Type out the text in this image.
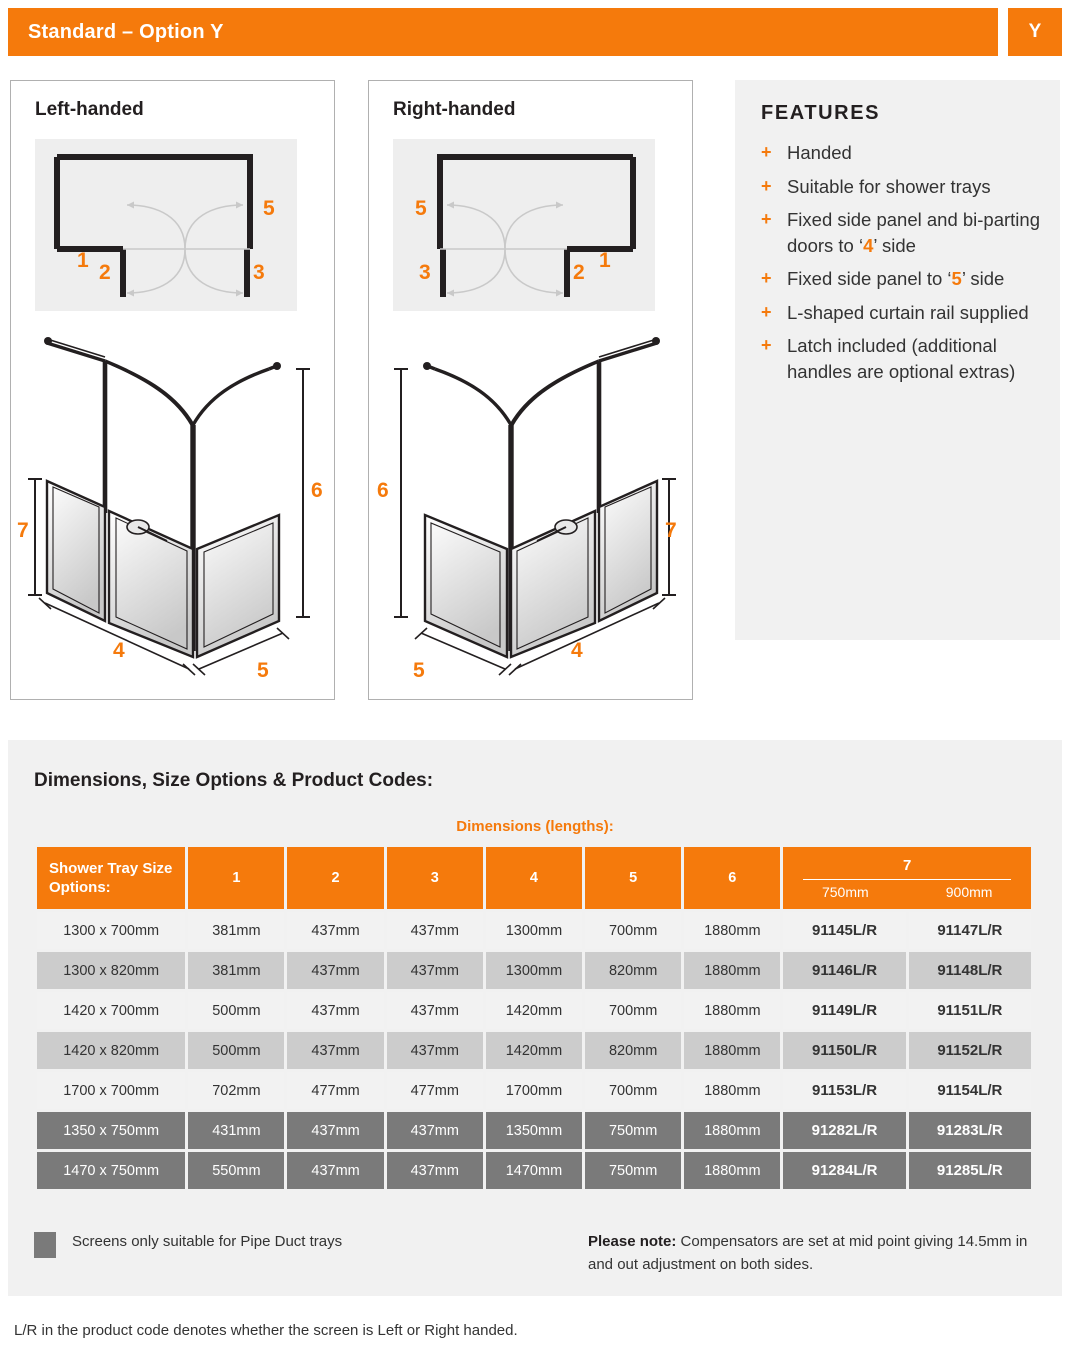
Standard – Option Y	Y
Left-handed
1
2	3
5
4
5
6
7
Right-handed
5
3	2
1
6
5
4
7
FEATURES
+ Handed
+ Suitable for shower trays
+ Fixed side panel and bi-parting doors to ‘4’ side
+ Fixed side panel to ‘5’ side
+ L-shaped curtain rail supplied
+ Latch included (additional handles are optional extras)
Dimensions, Size Options & Product Codes:
Dimensions (lengths):
Shower Tray Size Options:	1	2	3	4	5	6	7
750mm 900mm	

1300 x 700mm	381mm	437mm	437mm	1300mm	700mm	1880mm	91145L/R	91147L/R
1300 x 820mm	381mm	437mm	437mm	1300mm	820mm	1880mm	91146L/R	91148L/R
1420 x 700mm	500mm	437mm	437mm	1420mm	700mm	1880mm	91149L/R	91151L/R
1420 x 820mm	500mm	437mm	437mm	1420mm	820mm	1880mm	91150L/R	91152L/R
1700 x 700mm	702mm	477mm	477mm	1700mm	700mm	1880mm	91153L/R	91154L/R
1350 x 750mm	431mm	437mm	437mm	1350mm	750mm	1880mm	91282L/R	91283L/R
1470 x 750mm	550mm	437mm	437mm	1470mm	750mm	1880mm	91284L/R	91285L/R
Screens only suitable for Pipe Duct trays	Please note: Compensators are set at mid point giving 14.5mm in and out adjustment on both sides.
L/R in the product code denotes whether the screen is Left or Right handed.
